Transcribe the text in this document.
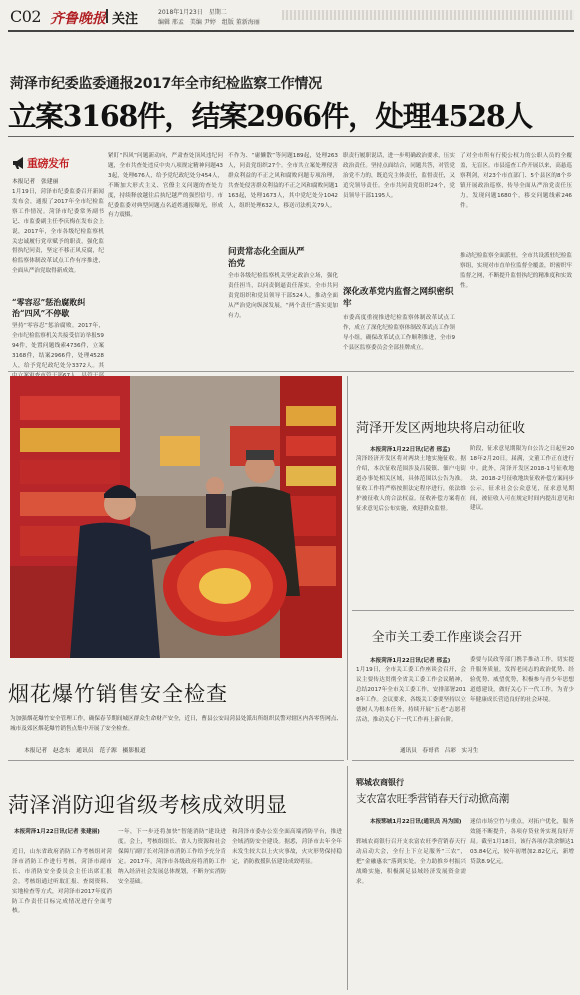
C02 齐鲁晚报 关注	2018年1月23日　星期二
编辑 邢孟　美编 尹婷　组版 董新海丽
菏泽市纪委监委通报2017年全市纪检监察工作情况
立案3168件，结案2966件，处理4528人
重磅发布
本报记者　张建丽
1月19日，菏泽市纪委监委召开新闻发布会，通报了2017年全市纪检监察工作情况。菏泽市纪委常务副书记、市监委副主任李庆梅在发布会上说，2017年，全市各级纪检监察机关忠诚履行党章赋予的职责，强化监督执纪问责，坚定不移正风反腐，纪检监察体制改革试点工作有序推进，全面从严治党取得新成效。
“零容忍”惩治腐败纠治“四风”不停歇
坚持“零容忍”惩治腐败。2017年，全市纪检监察机关共接受信访举报5994件，处置问题线索4736件，立案3168件，结案2966件，处理4528人，给予党纪政纪处分3372人。其
紧盯“四风”问题新动向，严肃查处顶风违纪问题，全市共查处违反中央八项规定精神问题433起，处理676人，给予党纪政纪处分454人，不断加大形式主义、官僚主义问题的查处力度，持续释放越往后执纪越严的强烈信号。市纪委监委对典型问题点名道姓通报曝光，形成有力震慑。
不作为、“庸懒散”等问题189起，处理263人，问责党组织27个。全市共立案处理侵害群众利益的不正之风和腐败问题专项治理，共查处侵害群众利益的不正之风和腐败问题1163起，处理1673人，其中党纪处分1042人，组织处理632人，移送司法机关79人。
问责常态化全面从严治党
全市各级纪检监察机关坚定政治立场，强化责任担当，以问责倒逼责任落实。全市共问责党组织和党员领导干部524人，推动全面从严治党向纵深发展，“两个责任”落实更加有力。
职责行履职说话，进一步明确政治要求，压实政治责任。坚持点面结合，同题共答，对管党治党不力的，既追究主体责任，监督责任，又追究领导责任。全市共问责党组织24个，党员领导干部1195人。
深化改革党内监督之网织密织牢
市委高度重视推进纪检监察体制改革试点工作，成立了深化纪检监察体制改革试点工作领导小组，确保改革试点工作顺利推进，全市9个县区监察委员会全部挂牌成立。
了对全市所有行使公权力的公职人员的全覆盖，无盲区。市县巡查工作开展以来，高悬巡察利剑，对23个市直部门、5个县区的8个乡镇开展政治巡察，传导全面从严治党责任压力，发现问题1680个，移交问题线索246件。
推动纪检监察全面派驻，全市共设派驻纪检监察组，实现对市直单位监督全覆盖，织密织牢监督之网，不断提升监督执纪的精准度和实效性。
烟花爆竹销售安全检查
为加强烟花爆竹安全管理工作，确保春节期间城区群众生命财产安全，近日，曹县公安局菏县处派出所组织民警对辖区内各零售网点、城市及郊区烟花爆竹销售点集中开展了安全检查。
本报记者　赵念东　通讯员　范子源　摄影报道
菏泽开发区两地块将启动征收
本报菏泽1月22日讯(记者 邢孟)
菏泽经济开发区将对两块土地实施征收。据介绍，本次征收范围涉及吕陵镇、佃户屯街道办事处相关区域，具体范围以公告为准。征收工作将严格按照法定程序进行，依法维护被征收人的合法权益。征收补偿方案将在征求意见后公布实施，欢迎群众监督。
阶段，征求意见期限为自公告之日起至2018年2月20日。届满，文董工作正在进行中。此外，菏泽开发区2018-1号征收地块、2018-2号征收地块征收补偿方案同步公示，征求社会公众意见，征求意见期间，被征收人可在规定时间内提出意见和建议。
全市关工委工作座谈会召开
本报菏泽1月22日讯(记者 邢孟)
1月19日，全市关工委工作座谈会召开，会议主要传达贯彻全省关工委工作会议精神，总结2017年全市关工委工作，安排部署2018年工作。会议要求，各级关工委要坚持以立德树人为根本任务，持续开展“五老”志愿者活动，推动关心下一代工作再上新台阶。
委要与民政等部门携手推动工作，切实提升服务质量，发挥老同志的政治优势、经验优势、威望优势，积极参与青少年思想道德建设，做好关心下一代工作，为青少年健康成长营造良好的社会环境。
通讯员　春哥君　吕彩　实习生
菏泽消防迎省级考核成效明显
本报菏泽1月22日讯(记者 张建丽)
近日，山东省政府消防工作考核组对菏泽市消防工作进行考核，菏泽市副市长、市消防安全委员会主任出席汇报会。考核组通过听取汇报、查阅资料、实地检查等方式，对菏泽市2017年度消防工作责任目标完成情况进行全面考核。
一年，下一步还将加快“智能消防”建设进度。会上，考核组组长、省人力资源和社会保障厅副厅长对菏泽市消防工作给予充分肯定。2017年，菏泽市各级政府将消防工作纳入经济社会发展总体规划，不断夯实消防安全基础。
和菏泽市委办公室全面高端消防平台，推进全域消防安全建设。据悉，菏泽市去年全年未发生较大以上火灾事故，火灾形势保持稳定，消防救援队伍建设成效明显。
郓城农商银行
支农富农旺季营销春天行动掀高潮
本报郓城1月22日讯(通讯员 冯为国)
郓城农商银行召开支农富农旺季营销春天行动启动大会，全行上下立足服务“三农”，把“金融惠农”落到实处，全力助推乡村振兴战略实施，积极满足县域经济发展资金需求。
迷信市场空竹与重点，对拓户优化，服务效能不断提升，各项存贷业务实现良好开局。截至1月18日，该行各项存款余额达103.84亿元，较年初增加2.82亿元，新增贷款8.9亿元。
